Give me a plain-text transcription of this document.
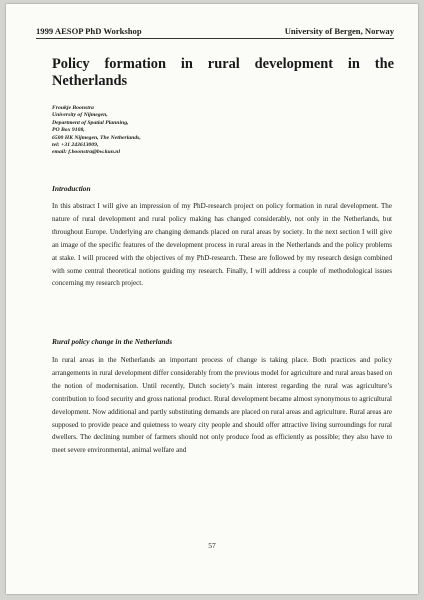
1999 AESOP PhD Workshop	University of Bergen, Norway
Policy formation in rural development in the Netherlands
Froukje Boonstra
University of Nijmegen,
Department of Spatial Planning,
PO Box 9108,
6500 HK Nijmegen, The Netherlands,
tel: +31 243613009,
email: f.boonstra@bw.kun.nl
Introduction

In this abstract I will give an impression of my PhD-research project on policy formation in rural development. The nature of rural development and rural policy making has changed considerably, not only in the Netherlands, but throughout Europe. Underlying are changing demands placed on rural areas by society. In the next section I will give an image of the specific features of the development process in rural areas in the Netherlands and the policy problems at stake. I will proceed with the objectives of my PhD-research. These are followed by my research design combined with some central theoretical notions guiding my research. Finally, I will address a couple of methodological issues concerning my research project.

Rural policy change in the Netherlands

In rural areas in the Netherlands an important process of change is taking place. Both practices and policy arrangements in rural development differ considerably from the previous model for agriculture and rural areas based on the notion of modernisation. Until recently, Dutch society’s main interest regarding the rural was agriculture’s contribution to food security and gross national product. Rural development became almost synonymous to agricultural development. Now additional and partly substituting demands are placed on rural areas and agriculture. Rural areas are supposed to provide peace and quietness to weary city people and should offer attractive living surroundings for rural dwellers. The declining number of farmers should not only produce food as efficiently as possible; they also have to meet severe environmental, animal welfare and

57
